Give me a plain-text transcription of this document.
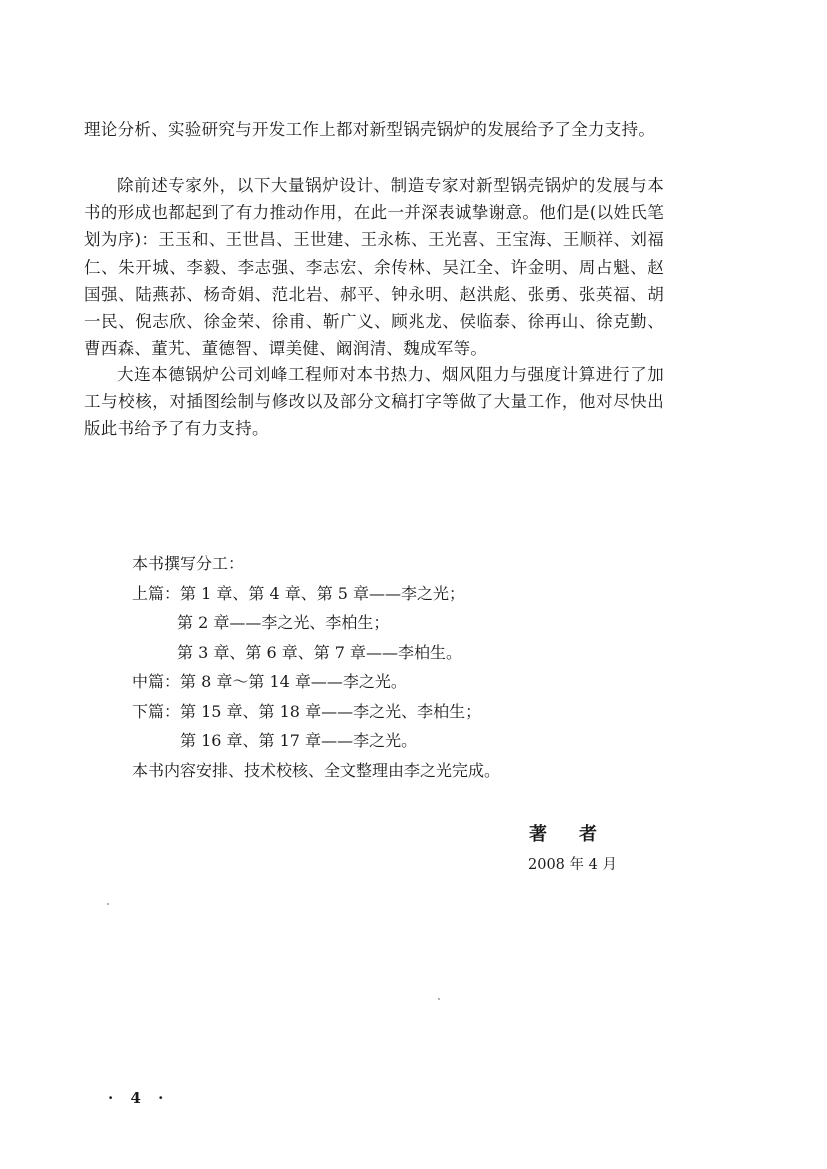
理论分析、实验研究与开发工作上都对新型锅壳锅炉的发展给予了全力支持。

除前述专家外，以下大量锅炉设计、制造专家对新型锅壳锅炉的发展与本书的形成也都起到了有力推动作用，在此一并深表诚挚谢意。他们是(以姓氏笔划为序)：王玉和、王世昌、王世建、王永栋、王光喜、王宝海、王顺祥、刘福仁、朱开城、李毅、李志强、李志宏、余传林、吴江全、许金明、周占魁、赵国强、陆燕荪、杨奇娟、范北岩、郝平、钟永明、赵洪彪、张勇、张英福、胡一民、倪志欣、徐金荣、徐甫、靳广义、顾兆龙、侯临泰、徐再山、徐克勤、曹西森、董艽、董德智、谭美健、阚润清、魏成军等。

大连本德锅炉公司刘峰工程师对本书热力、烟风阻力与强度计算进行了加工与校核，对插图绘制与修改以及部分文稿打字等做了大量工作，他对尽快出版此书给予了有力支持。

本书撰写分工：
上篇：第 1 章、第 4 章、第 5 章——李之光；
第 2 章——李之光、李柏生；
第 3 章、第 6 章、第 7 章——李柏生。
中篇：第 8 章～第 14 章——李之光。
下篇：第 15 章、第 18 章——李之光、李柏生；
第 16 章、第 17 章——李之光。
本书内容安排、技术校核、全文整理由李之光完成。
著者
2008 年 4 月
· 4 ·
